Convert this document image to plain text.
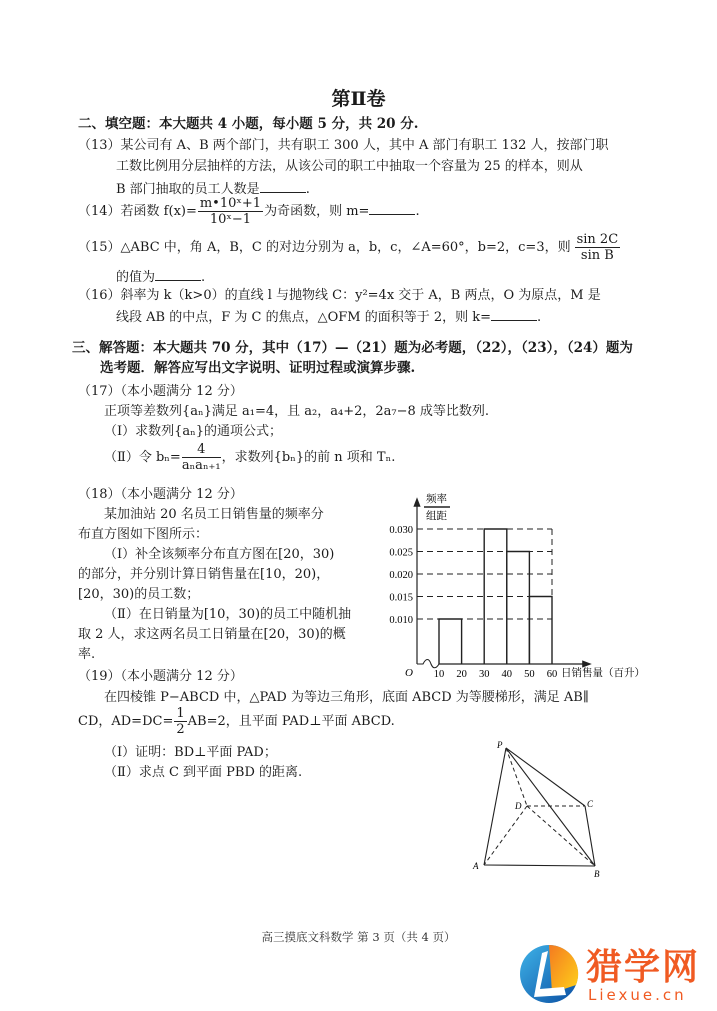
第Ⅱ卷
二、填空题：本大题共 4 小题，每小题 5 分，共 20 分.
（13）某公司有 A、B 两个部门，共有职工 300 人，其中 A 部门有职工 132 人，按部门职
工数比例用分层抽样的方法，从该公司的职工中抽取一个容量为 25 的样本，则从
B 部门抽取的员工人数是	.
（14）若函数 $f(x)= \frac{\text{m•10ˣ+1}}{\text{10ˣ−1}}$ 为奇函数，则 m=	.
（15）△ABC 中，角 A，B，C 的对边分别为 a，b，c，∠A=60°，b=2，c=3，则 $\frac{\sin 2C}{\text{sin B}}$
的值为	.
（16）斜率为 k（k>0）的直线 l 与抛物线 C：y²=4x 交于 A，B 两点，O 为原点，M 是
线段 AB 的中点，F 为 C 的焦点，△OFM 的面积等于 2，则 k=	.
三、解答题：本大题共 70 分，其中（17）—（21）题为必考题，（22），（23），（24）题为
选考题．解答应写出文字说明、证明过程或演算步骤.
（17）（本小题满分 12 分）
正项等差数列{aₙ}满足 a₁=4，且 a₂，a₄+2，2a₇−8 成等比数列.
（Ⅰ）求数列{aₙ}的通项公式；
（Ⅱ）令 $b_n= \frac{4}{\text{aₙaₙ₊₁}}$ ，求数列{bₙ}的前 n 项和 Tₙ.
（18）（本小题满分 12 分）
某加油站 20 名员工日销售量的频率分
布直方图如下图所示：
（Ⅰ）补全该频率分布直方图在[20，30)
的部分，并分别计算日销售量在[10，20)，
[20，30)的员工数；
（Ⅱ）在日销量为[10，30)的员工中随机抽
取 2 人，求这两名员工日销量在[20，30)的概
率.
频率
组距
O	日销售量（百升）
0.010
0.015
0.020
0.025
0.030
10 20 30 40 50 60
（19）（本小题满分 12 分）
在四棱锥 P−ABCD 中，△PAD 为等边三角形，底面 ABCD 为等腰梯形，满足 AB∥
CD，$AD=DC= \frac{1}{2} AB=2$，且平面 PAD⊥平面 ABCD.
（Ⅰ）证明：BD⊥平面 PAD；
（Ⅱ）求点 C 到平面 PBD 的距离.
P
A
B
C
D
高三摸底文科数学 第 3 页（共 4 页）
猎学网
Liexue.cn
